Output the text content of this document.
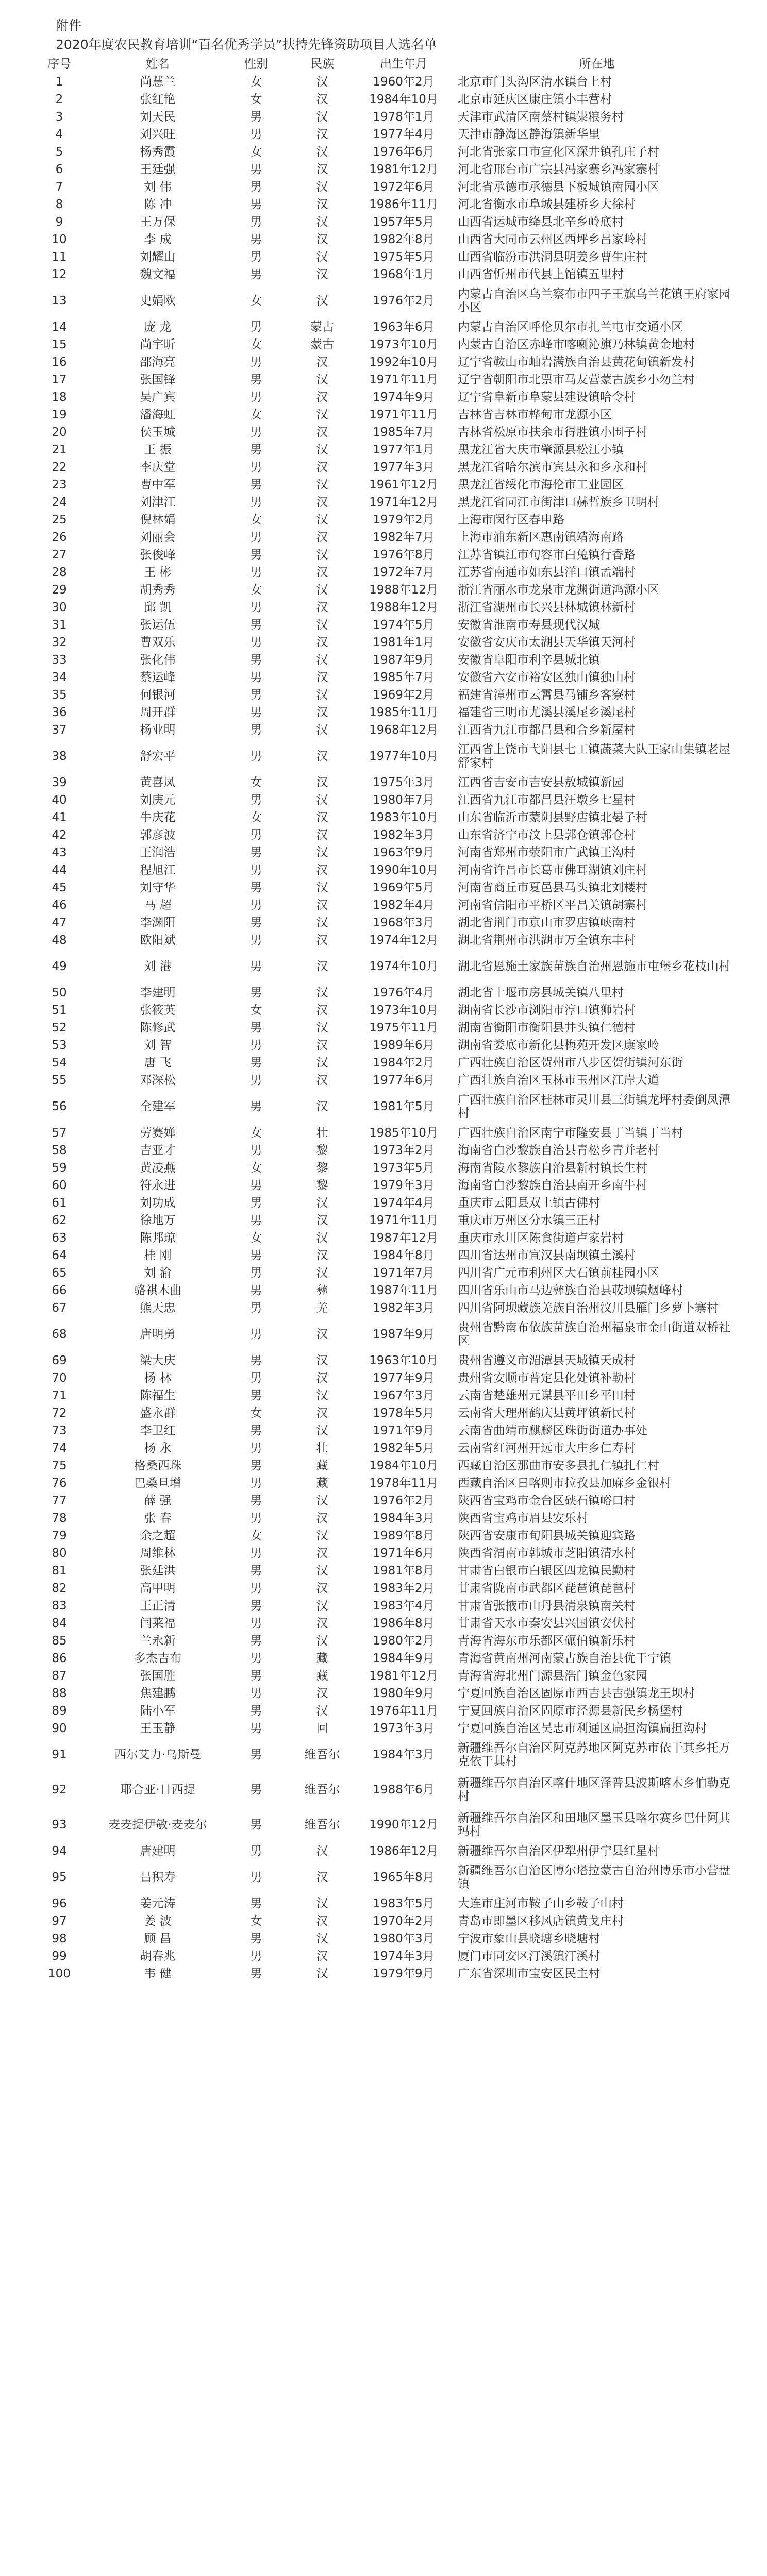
附件
2020年度农民教育培训“百名优秀学员”扶持先锋资助项目人选名单
序号	姓名	性别	民族	出生年月	所在地
1	尚慧兰	女	汉	1960年2月	北京市门头沟区清水镇台上村
2	张红艳	女	汉	1984年10月	北京市延庆区康庄镇小丰营村
3	刘天民	男	汉	1978年1月	天津市武清区南蔡村镇粜粮务村
4	刘兴旺	男	汉	1977年4月	天津市静海区静海镇新华里
5	杨秀霞	女	汉	1976年6月	河北省张家口市宣化区深井镇孔庄子村
6	王廷强	男	汉	1981年12月	河北省邢台市广宗县冯家寨乡冯家寨村
7	刘 伟	男	汉	1972年6月	河北省承德市承德县下板城镇南园小区
8	陈 冲	男	汉	1986年11月	河北省衡水市阜城县建桥乡大徐村
9	王万保	男	汉	1957年5月	山西省运城市绛县北辛乡岭底村
10	李 成	男	汉	1982年8月	山西省大同市云州区西坪乡吕家岭村
11	刘耀山	男	汉	1975年5月	山西省临汾市洪洞县明姜乡曹生庄村
12	魏文福	男	汉	1968年1月	山西省忻州市代县上馆镇五里村
13	史娟欧	女	汉	1976年2月	内蒙古自治区乌兰察布市四子王旗乌兰花镇王府家园小区
14	庞 龙	男	蒙古	1963年6月	内蒙古自治区呼伦贝尔市扎兰屯市交通小区
15	尚宇昕	女	蒙古	1973年10月	内蒙古自治区赤峰市喀喇沁旗乃林镇黄金地村
16	邵海亮	男	汉	1992年10月	辽宁省鞍山市岫岩满族自治县黄花甸镇新发村
17	张国锋	男	汉	1971年11月	辽宁省朝阳市北票市马友营蒙古族乡小勿兰村
18	吴广宾	男	汉	1974年9月	辽宁省阜新市阜蒙县建设镇哈令村
19	潘海虹	女	汉	1971年11月	吉林省吉林市桦甸市龙源小区
20	侯玉城	男	汉	1985年7月	吉林省松原市扶余市得胜镇小围子村
21	王 振	男	汉	1977年1月	黑龙江省大庆市肇源县松江小镇
22	李庆堂	男	汉	1977年3月	黑龙江省哈尔滨市宾县永和乡永和村
23	曹中军	男	汉	1961年12月	黑龙江省绥化市海伦市工业园区
24	刘津江	男	汉	1971年12月	黑龙江省同江市街津口赫哲族乡卫明村
25	倪林娟	女	汉	1979年2月	上海市闵行区春申路
26	刘丽会	男	汉	1982年7月	上海市浦东新区惠南镇靖海南路
27	张俊峰	男	汉	1976年8月	江苏省镇江市句容市白兔镇行香路
28	王 彬	男	汉	1972年7月	江苏省南通市如东县洋口镇孟端村
29	胡秀秀	女	汉	1988年12月	浙江省丽水市龙泉市龙渊街道鸿源小区
30	邱 凯	男	汉	1988年12月	浙江省湖州市长兴县林城镇林新村
31	张运伍	男	汉	1974年5月	安徽省淮南市寿县现代汉城
32	曹双乐	男	汉	1981年1月	安徽省安庆市太湖县天华镇天河村
33	张化伟	男	汉	1987年9月	安徽省阜阳市利辛县城北镇
34	蔡运峰	男	汉	1985年7月	安徽省六安市裕安区独山镇独山村
35	何银河	男	汉	1969年2月	福建省漳州市云霄县马铺乡客寮村
36	周开群	男	汉	1985年11月	福建省三明市尤溪县溪尾乡溪尾村
37	杨业明	男	汉	1968年12月	江西省九江市都昌县和合乡新屋村
38	舒宏平	男	汉	1977年10月	江西省上饶市弋阳县七工镇蔬菜大队王家山集镇老屋舒家村
39	黄喜凤	女	汉	1975年3月	江西省吉安市吉安县敖城镇新园
40	刘庚元	男	汉	1980年7月	江西省九江市都昌县汪墩乡七星村
41	牛庆花	女	汉	1983年10月	山东省临沂市蒙阴县野店镇北晏子村
42	郭彦波	男	汉	1982年3月	山东省济宁市汶上县郭仓镇郭仓村
43	王润浩	男	汉	1963年9月	河南省郑州市荥阳市广武镇王沟村
44	程旭江	男	汉	1990年10月	河南省许昌市长葛市佛耳湖镇刘庄村
45	刘守华	男	汉	1969年5月	河南省商丘市夏邑县马头镇北刘楼村
46	马 超	男	汉	1982年4月	河南省信阳市平桥区平昌关镇胡寨村
47	李渊阳	男	汉	1968年3月	湖北省荆门市京山市罗店镇峡南村
48	欧阳斌	男	汉	1974年12月	湖北省荆州市洪湖市万全镇东丰村
49	刘 港	男	汉	1974年10月	湖北省恩施土家族苗族自治州恩施市屯堡乡花枝山村
50	李建明	男	汉	1976年4月	湖北省十堰市房县城关镇八里村
51	张筱英	女	汉	1973年10月	湖南省长沙市浏阳市淳口镇狮岩村
52	陈修武	男	汉	1975年11月	湖南省衡阳市衡阳县井头镇仁德村
53	刘 智	男	汉	1989年6月	湖南省娄底市新化县梅苑开发区康家岭
54	唐 飞	男	汉	1984年2月	广西壮族自治区贺州市八步区贺街镇河东街
55	邓深松	男	汉	1977年6月	广西壮族自治区玉林市玉州区江岸大道
56	全建军	男	汉	1981年5月	广西壮族自治区桂林市灵川县三街镇龙坪村委倒凤潭村
57	劳赛婵	女	壮	1985年10月	广西壮族自治区南宁市隆安县丁当镇丁当村
58	吉亚才	男	黎	1973年2月	海南省白沙黎族自治县青松乡青并老村
59	黄凌燕	女	黎	1973年5月	海南省陵水黎族自治县新村镇长生村
60	符永进	男	黎	1979年3月	海南省白沙黎族自治县南开乡南牛村
61	刘功成	男	汉	1974年4月	重庆市云阳县双土镇古佛村
62	徐地万	男	汉	1971年11月	重庆市万州区分水镇三正村
63	陈邦琼	女	汉	1987年12月	重庆市永川区陈食街道卢家岩村
64	桂 刚	男	汉	1984年8月	四川省达州市宣汉县南坝镇土溪村
65	刘 渝	男	汉	1971年7月	四川省广元市利州区大石镇前桂园小区
66	骆祺木曲	男	彝	1987年11月	四川省乐山市马边彝族自治县荍坝镇烟峰村
67	熊天忠	男	羌	1982年3月	四川省阿坝藏族羌族自治州汶川县雁门乡萝卜寨村
68	唐明勇	男	汉	1987年9月	贵州省黔南布依族苗族自治州福泉市金山街道双桥社区
69	梁大庆	男	汉	1963年10月	贵州省遵义市湄潭县天城镇天成村
70	杨 林	男	汉	1977年9月	贵州省安顺市普定县化处镇补勒村
71	陈福生	男	汉	1967年3月	云南省楚雄州元谋县平田乡平田村
72	盛永群	女	汉	1978年5月	云南省大理州鹤庆县黄坪镇新民村
73	李卫红	男	汉	1971年9月	云南省曲靖市麒麟区珠街街道办事处
74	杨 永	男	壮	1982年5月	云南省红河州开远市大庄乡仁寿村
75	格桑西珠	男	藏	1984年10月	西藏自治区那曲市安多县扎仁镇扎仁村
76	巴桑旦增	男	藏	1978年11月	西藏自治区日喀则市拉孜县加麻乡金银村
77	薛 强	男	汉	1976年2月	陕西省宝鸡市金台区硖石镇峪口村
78	张 春	男	汉	1984年3月	陕西省宝鸡市眉县安乐村
79	余之超	女	汉	1989年8月	陕西省安康市旬阳县城关镇迎宾路
80	周维林	男	汉	1971年6月	陕西省渭南市韩城市芝阳镇清水村
81	张廷洪	男	汉	1981年8月	甘肃省白银市白银区四龙镇民勤村
82	高甲明	男	汉	1983年2月	甘肃省陇南市武都区琵琶镇琵琶村
83	王正清	男	汉	1983年4月	甘肃省张掖市山丹县清泉镇南关村
84	闫莱福	男	汉	1986年8月	甘肃省天水市秦安县兴国镇安伏村
85	兰永新	男	汉	1980年2月	青海省海东市乐都区碾伯镇新乐村
86	多杰吉布	男	藏	1984年9月	青海省黄南州河南蒙古族自治县优干宁镇
87	张国胜	男	藏	1981年12月	青海省海北州门源县浩门镇金色家园
88	焦建鹏	男	汉	1980年9月	宁夏回族自治区固原市西吉县吉强镇龙王坝村
89	陆小军	男	汉	1976年11月	宁夏回族自治区固原市泾源县新民乡杨堡村
90	王玉静	男	回	1973年3月	宁夏回族自治区吴忠市利通区扁担沟镇扁担沟村
91	西尔艾力·乌斯曼	男	维吾尔	1984年3月	新疆维吾尔自治区阿克苏地区阿克苏市依干其乡托万克依干其村
92	耶合亚·日西提	男	维吾尔	1988年6月	新疆维吾尔自治区喀什地区泽普县波斯喀木乡伯勒克村
93	麦麦提伊敏·麦麦尔	男	维吾尔	1990年12月	新疆维吾尔自治区和田地区墨玉县喀尔赛乡巴什阿其玛村
94	唐建明	男	汉	1986年12月	新疆维吾尔自治区伊犁州伊宁县红星村
95	吕积寿	男	汉	1965年8月	新疆维吾尔自治区博尔塔拉蒙古自治州博乐市小营盘镇
96	姜元涛	男	汉	1983年5月	大连市庄河市鞍子山乡鞍子山村
97	姜 波	女	汉	1970年2月	青岛市即墨区移风店镇黄戈庄村
98	顾 昌	男	汉	1980年3月	宁波市象山县晓塘乡晓塘村
99	胡春兆	男	汉	1974年3月	厦门市同安区汀溪镇汀溪村
100	韦 健	男	汉	1979年9月	广东省深圳市宝安区民主村
